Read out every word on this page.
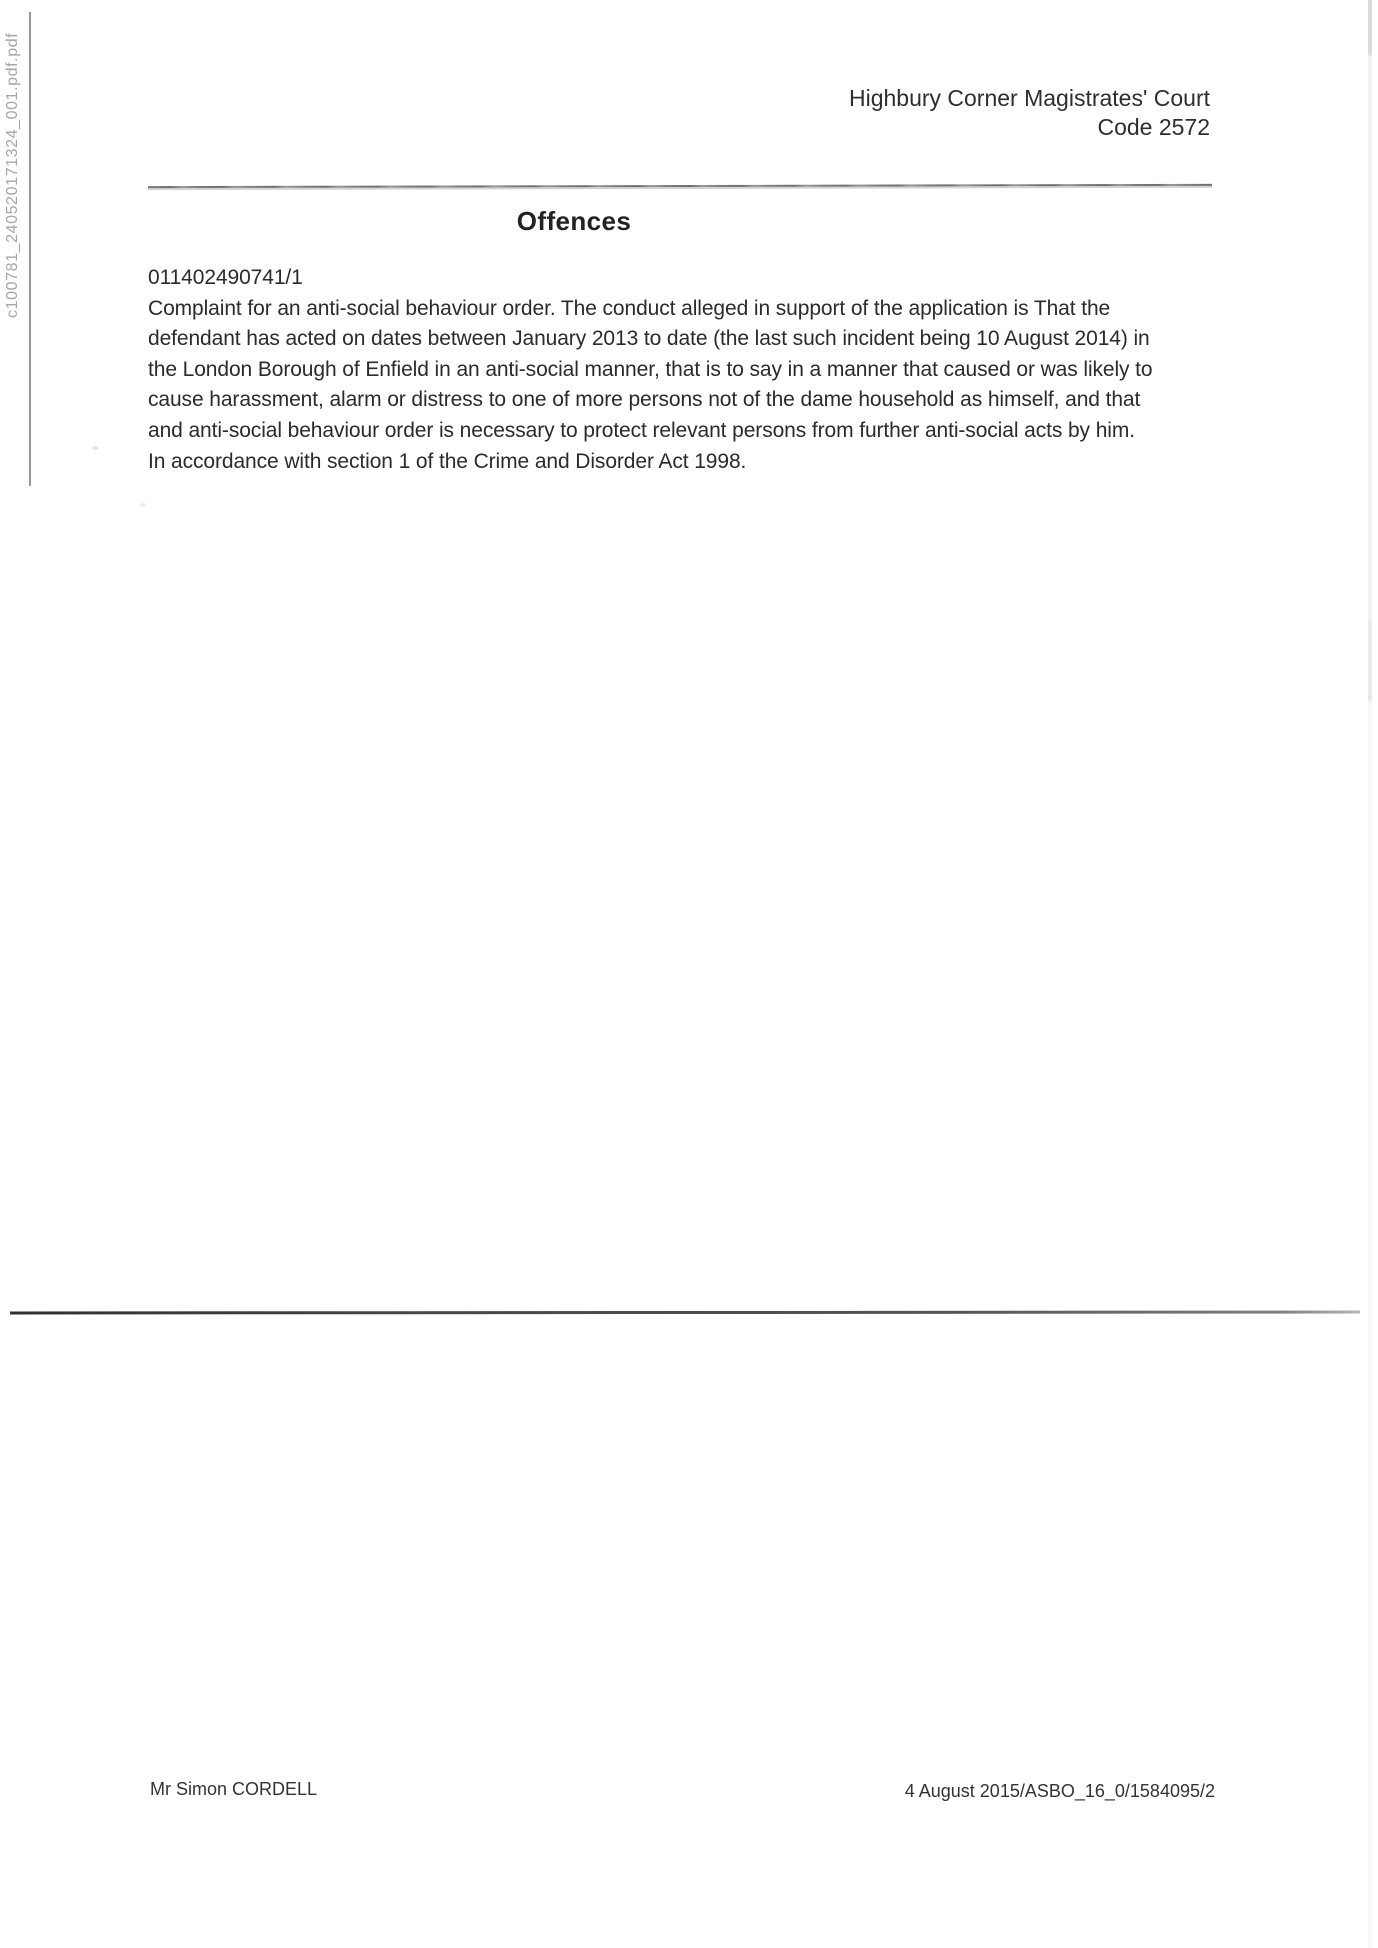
c100781_240520171324_001.pdf.pdf	Highbury Corner Magistrates' Court
Code 2572
Offences
011402490741/1
Complaint for an anti-social behaviour order. The conduct alleged in support of the application is That the
defendant has acted on dates between January 2013 to date (the last such incident being 10 August 2014) in
the London Borough of Enfield in an anti-social manner, that is to say in a manner that caused or was likely to
cause harassment, alarm or distress to one of more persons not of the dame household as himself, and that
and anti-social behaviour order is necessary to protect relevant persons from further anti-social acts by him.
In accordance with section 1 of the Crime and Disorder Act 1998.
Mr Simon CORDELL	4 August 2015/ASBO_16_0/1584095/2
